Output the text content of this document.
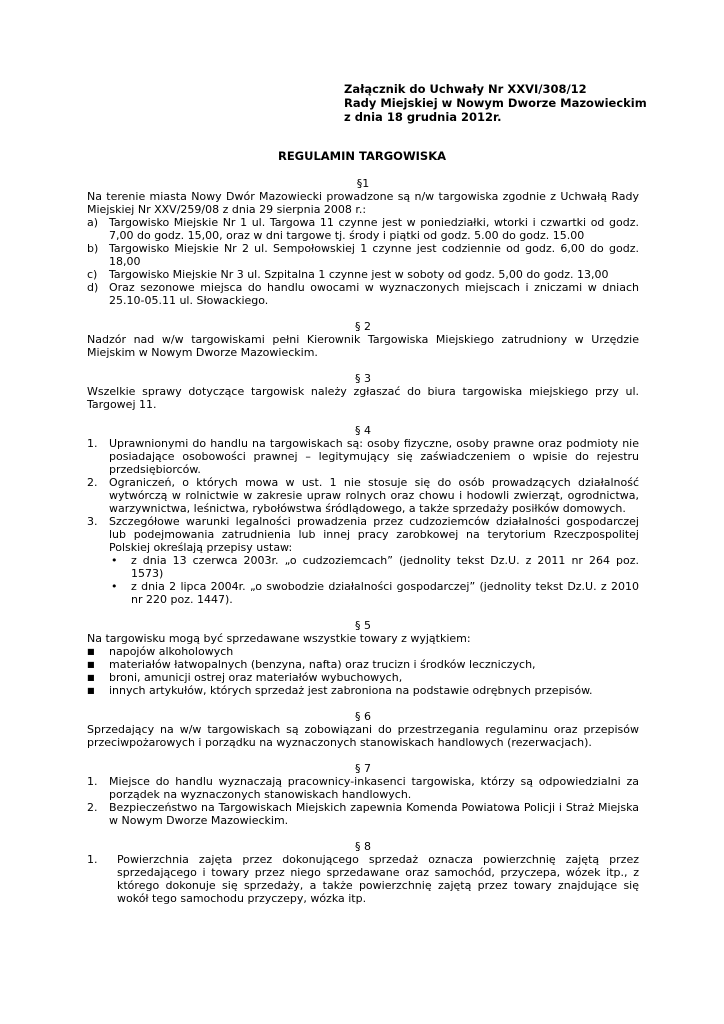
Załącznik do Uchwały Nr XXVI/308/12
Rady Miejskiej w Nowym Dworze Mazowieckim
z dnia 18 grudnia 2012r.
REGULAMIN TARGOWISKA

§1

Na terenie miasta Nowy Dwór Mazowiecki prowadzone są n/w targowiska zgodnie z Uchwałą Rady Miejskiej Nr XXV/259/08 z dnia 29 sierpnia 2008 r.:

a) Targowisko Miejskie Nr 1 ul. Targowa 11 czynne jest w poniedziałki, wtorki i czwartki od godz. 7,00 do godz. 15,00, oraz w dni targowe tj. środy i piątki od godz. 5.00 do godz. 15.00
b) Targowisko Miejskie Nr 2 ul. Sempołowskiej 1 czynne jest codziennie od godz. 6,00 do godz. 18,00
c)	Targowisko Miejskie Nr 3 ul. Szpitalna 1 czynne jest w soboty od godz. 5,00 do godz. 13,00
d) Oraz sezonowe miejsca do handlu owocami w wyznaczonych miejscach i zniczami w dniach 25.10-05.11 ul. Słowackiego.

§ 2

Nadzór nad w/w targowiskami pełni Kierownik Targowiska Miejskiego zatrudniony w Urzędzie Miejskim w Nowym Dworze Mazowieckim.

§ 3

Wszelkie sprawy dotyczące targowisk należy zgłaszać do biura targowiska miejskiego przy ul. Targowej 11.

§ 4

1.	Uprawnionymi do handlu na targowiskach są: osoby fizyczne, osoby prawne oraz podmioty nie posiadające osobowości prawnej – legitymujący się zaświadczeniem o wpisie do rejestru przedsiębiorców.
2.	Ograniczeń, o których mowa w ust. 1 nie stosuje się do osób prowadzących działalność wytwórczą w rolnictwie w zakresie upraw rolnych oraz chowu i hodowli zwierząt, ogrodnictwa, warzywnictwa, leśnictwa, rybołówstwa śródlądowego, a także sprzedaży posiłków domowych.
3.	Szczegółowe warunki legalności prowadzenia przez cudzoziemców działalności gospodarczej lub podejmowania zatrudnienia lub innej pracy zarobkowej na terytorium Rzeczpospolitej Polskiej określają przepisy ustaw:
•	z dnia 13 czerwca 2003r. „o cudzoziemcach” (jednolity tekst Dz.U. z 2011 nr 264 poz. 1573)
•	z dnia 2 lipca 2004r. „o swobodzie działalności gospodarczej” (jednolity tekst Dz.U. z 2010 nr 220 poz. 1447).

§ 5

Na targowisku mogą być sprzedawane wszystkie towary z wyjątkiem:

■	napojów alkoholowych
■	materiałów łatwopalnych (benzyna, nafta) oraz trucizn i środków leczniczych,
■	broni, amunicji ostrej oraz materiałów wybuchowych,
■	innych artykułów, których sprzedaż jest zabroniona na podstawie odrębnych przepisów.

§ 6

Sprzedający na w/w targowiskach są zobowiązani do przestrzegania regulaminu oraz przepisów przeciwpożarowych i porządku na wyznaczonych stanowiskach handlowych (rezerwacjach).

§ 7

1.	Miejsce do handlu wyznaczają pracownicy-inkasenci targowiska, którzy są odpowiedzialni za porządek na wyznaczonych stanowiskach handlowych.
2.	Bezpieczeństwo na Targowiskach Miejskich zapewnia Komenda Powiatowa Policji i Straż Miejska w Nowym Dworze Mazowieckim.

§ 8

1.	Powierzchnia zajęta przez dokonującego sprzedaż oznacza powierzchnię zajętą przez sprzedającego i towary przez niego sprzedawane oraz samochód, przyczepa, wózek itp., z którego dokonuje się sprzedaży, a także powierzchnię zajętą przez towary znajdujące się wokół tego samochodu przyczepy, wózka itp.
